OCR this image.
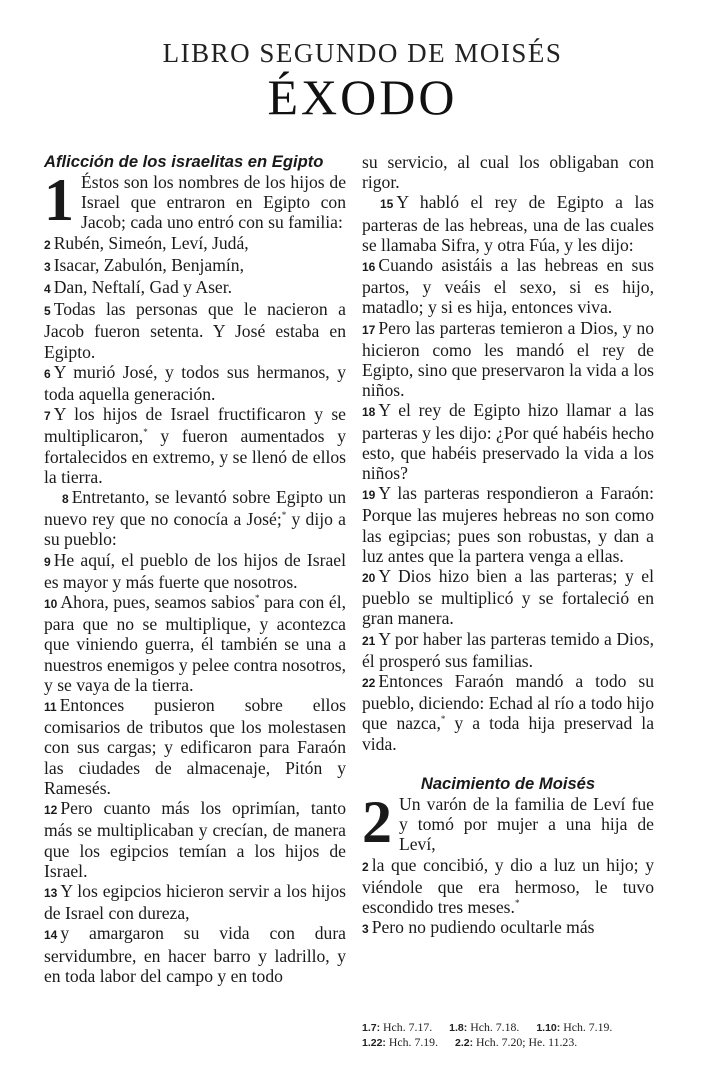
LIBRO SEGUNDO DE MOISÉS
ÉXODO

Aflicción de los israelitas en Egipto

1 Éstos son los nombres de los hijos de Israel que entraron en Egipto con Jacob; cada uno entró con su familia:

2 Rubén, Simeón, Leví, Judá,

3 Isacar, Zabulón, Benjamín,

4 Dan, Neftalí, Gad y Aser.

5 Todas las personas que le nacieron a Jacob fueron setenta. Y José estaba en Egipto.

6 Y murió José, y todos sus hermanos, y toda aquella generación.

7 Y los hijos de Israel fructificaron y se multiplicaron,* y fueron aumentados y fortalecidos en extremo, y se llenó de ellos la tierra.

8 Entretanto, se levantó sobre Egipto un nuevo rey que no conocía a José;* y dijo a su pueblo:

9 He aquí, el pueblo de los hijos de Israel es mayor y más fuerte que nosotros.

10 Ahora, pues, seamos sabios* para con él, para que no se multiplique, y acontezca que viniendo guerra, él también se una a nuestros enemigos y pelee contra nosotros, y se vaya de la tierra.

11 Entonces pusieron sobre ellos comisarios de tributos que los molestasen con sus cargas; y edificaron para Faraón las ciudades de almacenaje, Pitón y Ramesés.

12 Pero cuanto más los oprimían, tanto más se multiplicaban y crecían, de manera que los egipcios temían a los hijos de Israel.

13 Y los egipcios hicieron servir a los hijos de Israel con dureza,

14 y amargaron su vida con dura servidumbre, en hacer barro y ladrillo, y en toda labor del campo y en todo

su servicio, al cual los obligaban con rigor.

15 Y habló el rey de Egipto a las parteras de las hebreas, una de las cuales se llamaba Sifra, y otra Fúa, y les dijo:

16 Cuando asistáis a las hebreas en sus partos, y veáis el sexo, si es hijo, matadlo; y si es hija, entonces viva.

17 Pero las parteras temieron a Dios, y no hicieron como les mandó el rey de Egipto, sino que preservaron la vida a los niños.

18 Y el rey de Egipto hizo llamar a las parteras y les dijo: ¿Por qué habéis hecho esto, que habéis preservado la vida a los niños?

19 Y las parteras respondieron a Faraón: Porque las mujeres hebreas no son como las egipcias; pues son robustas, y dan a luz antes que la partera venga a ellas.

20 Y Dios hizo bien a las parteras; y el pueblo se multiplicó y se fortaleció en gran manera.

21 Y por haber las parteras temido a Dios, él prosperó sus familias.

22 Entonces Faraón mandó a todo su pueblo, diciendo: Echad al río a todo hijo que nazca,* y a toda hija preservad la vida.

Nacimiento de Moisés

2 Un varón de la familia de Leví fue y tomó por mujer a una hija de Leví,

2 la que concibió, y dio a luz un hijo; y viéndole que era hermoso, le tuvo escondido tres meses.*

3 Pero no pudiendo ocultarle más

1.7: Hch. 7.17. 1.8: Hch. 7.18. 1.10: Hch. 7.19.

1.22: Hch. 7.19. 2.2: Hch. 7.20; He. 11.23.
